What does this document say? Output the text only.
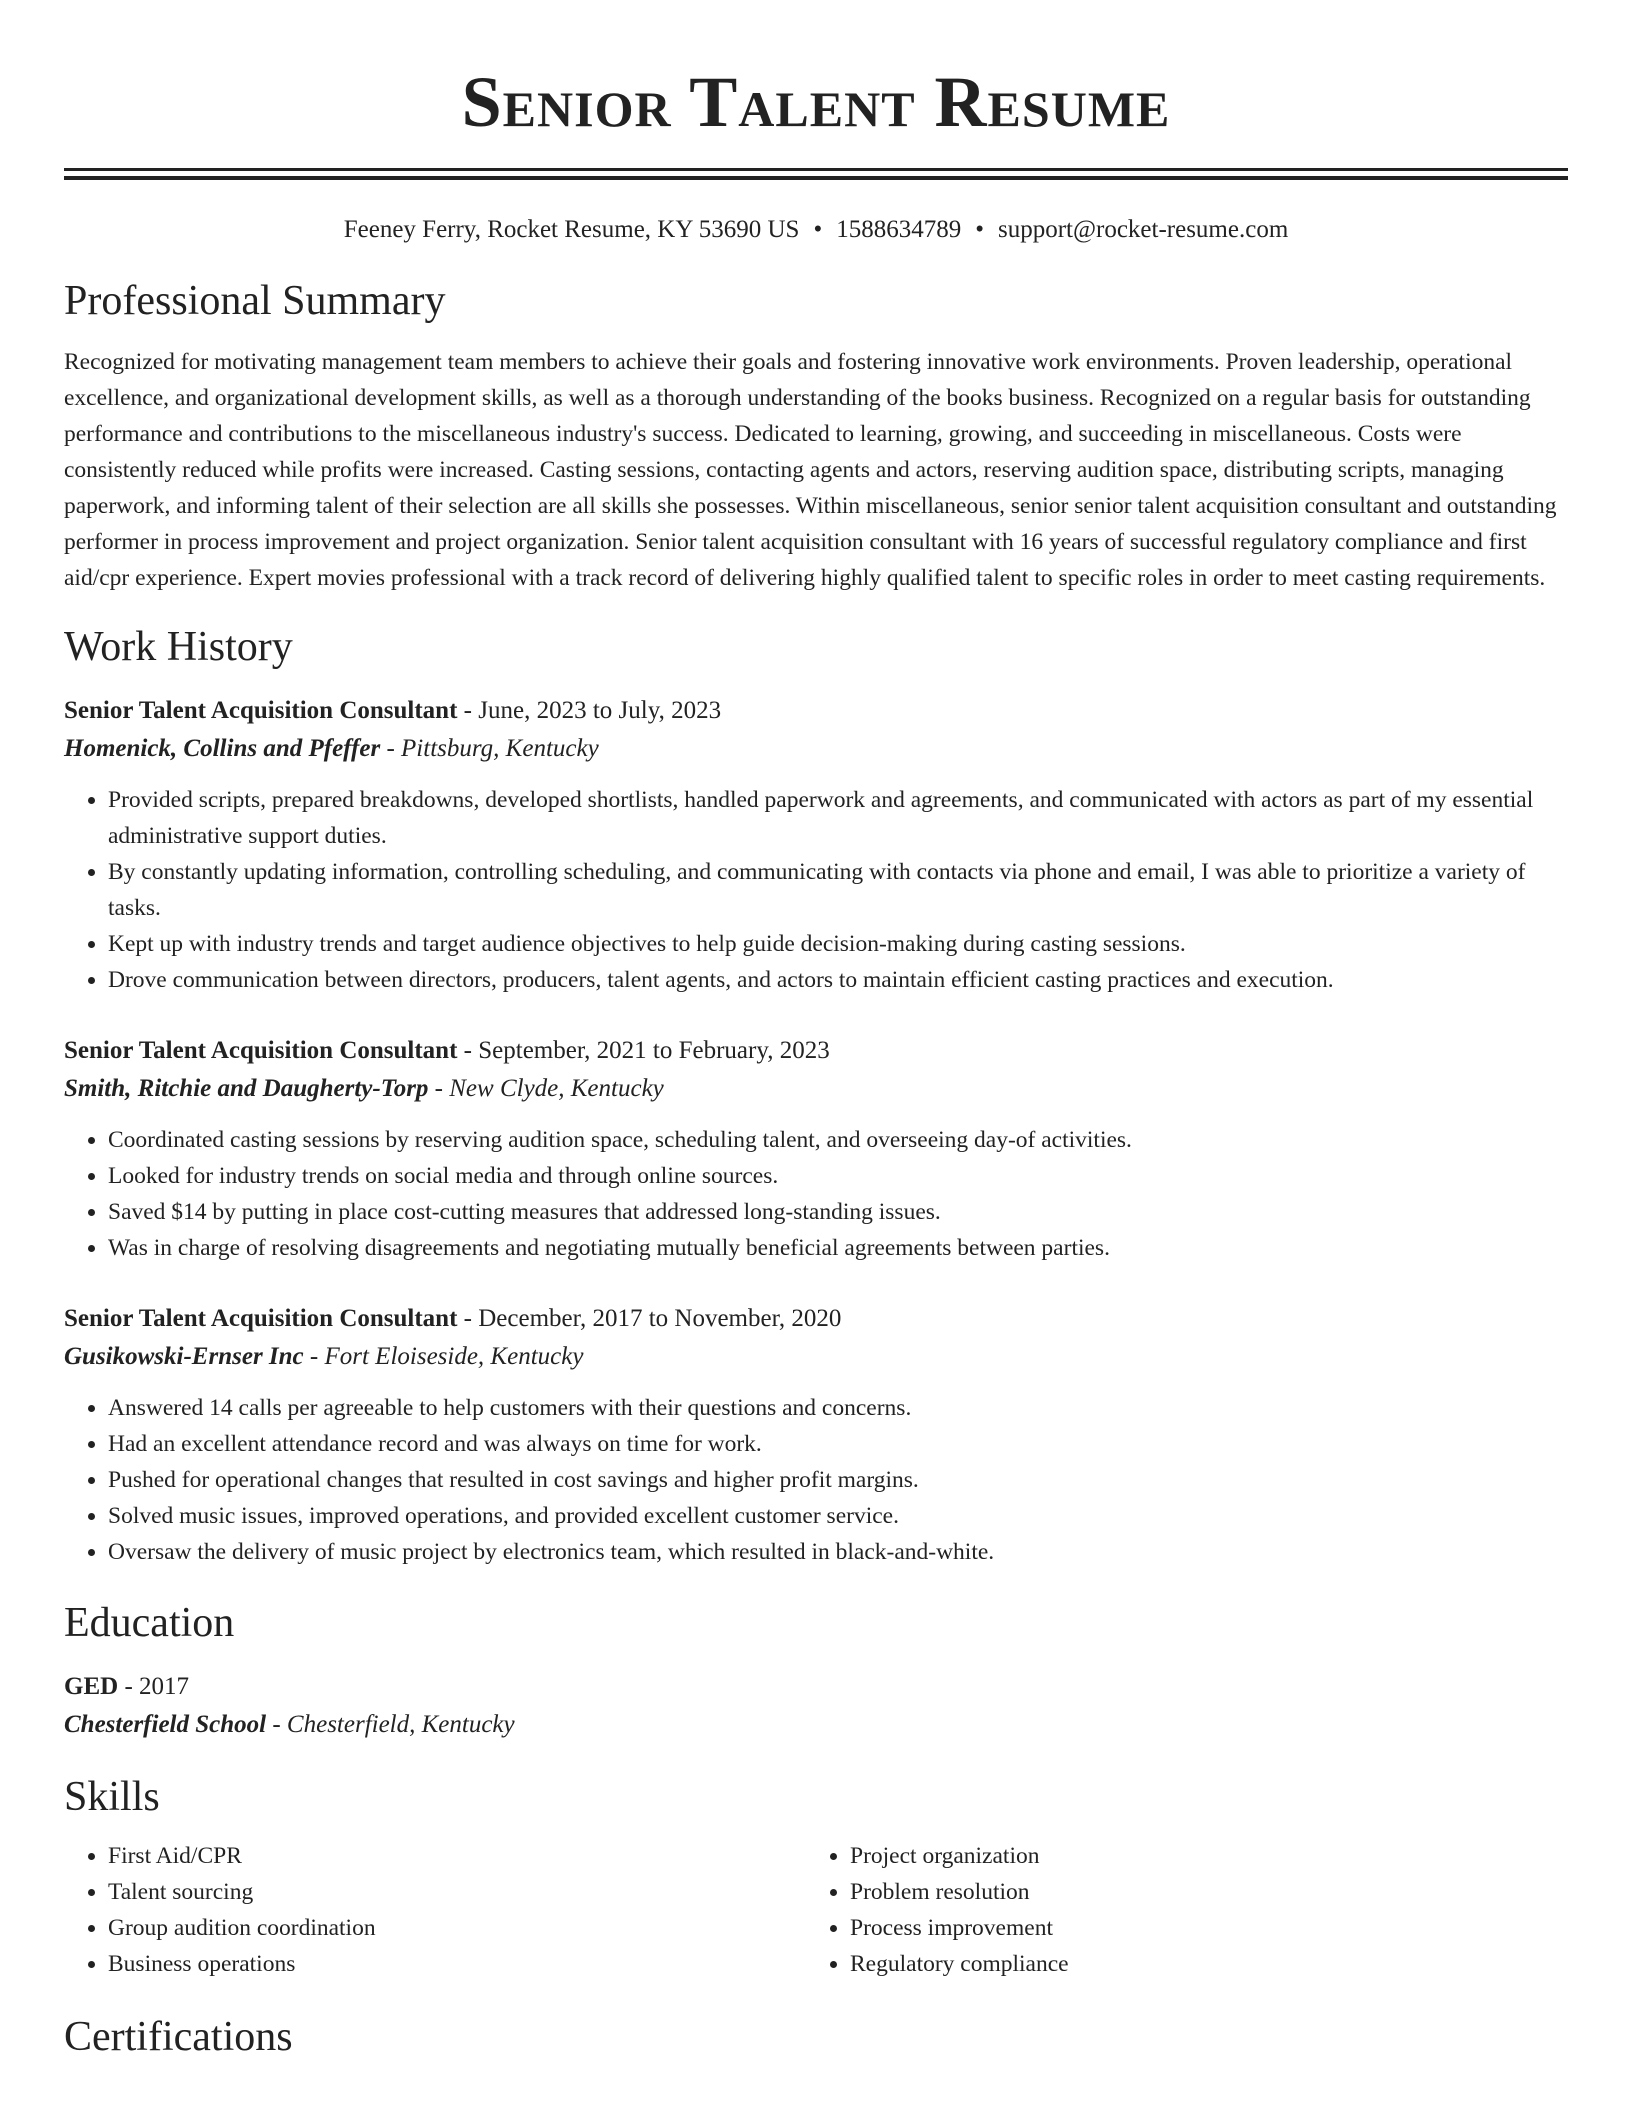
Senior Talent Resume
Feeney Ferry, Rocket Resume, KY 53690 US • 1588634789 • support@rocket-resume.com
Professional Summary
Recognized for motivating management team members to achieve their goals and fostering innovative work environments. Proven leadership, operational excellence, and organizational development skills, as well as a thorough understanding of the books business. Recognized on a regular basis for outstanding performance and contributions to the miscellaneous industry's success. Dedicated to learning, growing, and succeeding in miscellaneous. Costs were consistently reduced while profits were increased. Casting sessions, contacting agents and actors, reserving audition space, distributing scripts, managing paperwork, and informing talent of their selection are all skills she possesses. Within miscellaneous, senior senior talent acquisition consultant and outstanding performer in process improvement and project organization. Senior talent acquisition consultant with 16 years of successful regulatory compliance and first aid/cpr experience. Expert movies professional with a track record of delivering highly qualified talent to specific roles in order to meet casting requirements.
Work History
Senior Talent Acquisition Consultant - June, 2023 to July, 2023
Homenick, Collins and Pfeffer - Pittsburg, Kentucky
• Provided scripts, prepared breakdowns, developed shortlists, handled paperwork and agreements, and communicated with actors as part of my essential administrative support duties.
• By constantly updating information, controlling scheduling, and communicating with contacts via phone and email, I was able to prioritize a variety of tasks.
• Kept up with industry trends and target audience objectives to help guide decision-making during casting sessions.
• Drove communication between directors, producers, talent agents, and actors to maintain efficient casting practices and execution.
Senior Talent Acquisition Consultant - September, 2021 to February, 2023
Smith, Ritchie and Daugherty-Torp - New Clyde, Kentucky
• Coordinated casting sessions by reserving audition space, scheduling talent, and overseeing day-of activities.
• Looked for industry trends on social media and through online sources.
• Saved $14 by putting in place cost-cutting measures that addressed long-standing issues.
• Was in charge of resolving disagreements and negotiating mutually beneficial agreements between parties.
Senior Talent Acquisition Consultant - December, 2017 to November, 2020
Gusikowski-Ernser Inc - Fort Eloiseside, Kentucky
• Answered 14 calls per agreeable to help customers with their questions and concerns.
• Had an excellent attendance record and was always on time for work.
• Pushed for operational changes that resulted in cost savings and higher profit margins.
• Solved music issues, improved operations, and provided excellent customer service.
• Oversaw the delivery of music project by electronics team, which resulted in black-and-white.
Education
GED - 2017
Chesterfield School - Chesterfield, Kentucky
Skills
• First Aid/CPR
• Talent sourcing
• Group audition coordination
• Business operations
• Project organization
• Problem resolution
• Process improvement
• Regulatory compliance
Certifications
